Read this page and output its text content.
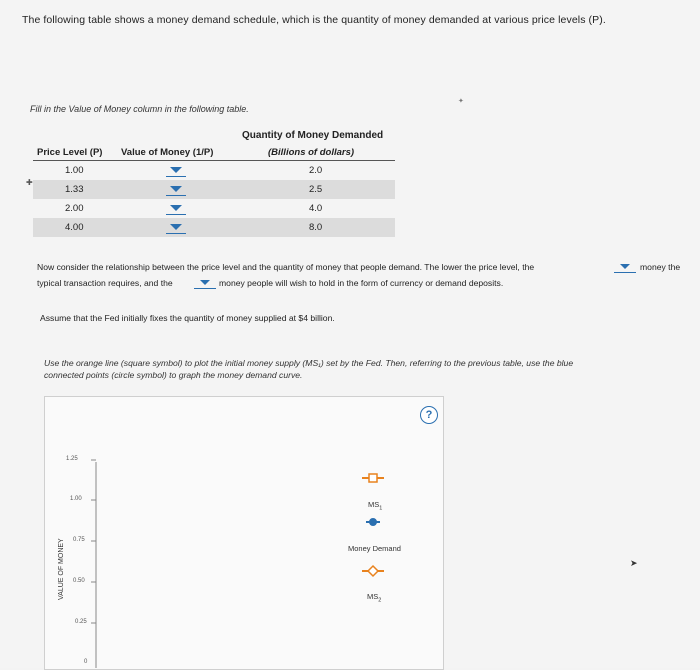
The following table shows a money demand schedule, which is the quantity of money demanded at various price levels (P).
Fill in the Value of Money column in the following table.
✦
Quantity of Money Demanded
Price Level (P) Value of Money (1/P)	(Billions of dollars)
✚
1.00	2.0
1.33	2.5
2.00	4.0
4.00	8.0
Now consider the relationship between the price level and the quantity of money that people demand. The lower the price level, the	money the
typical transaction requires, and the	money people will wish to hold in the form of currency or demand deposits.
Assume that the Fed initially fixes the quantity of money supplied at $4 billion.
Use the orange line (square symbol) to plot the initial money supply (MS₁) set by the Fed. Then, referring to the previous table, use the blue
connected points (circle symbol) to graph the money demand curve.
?
1.25
1.00
0.75
0.50
0.25
0
VALUE OF MONEY
$MS_1$
Money Demand
$MS_2$
➤
